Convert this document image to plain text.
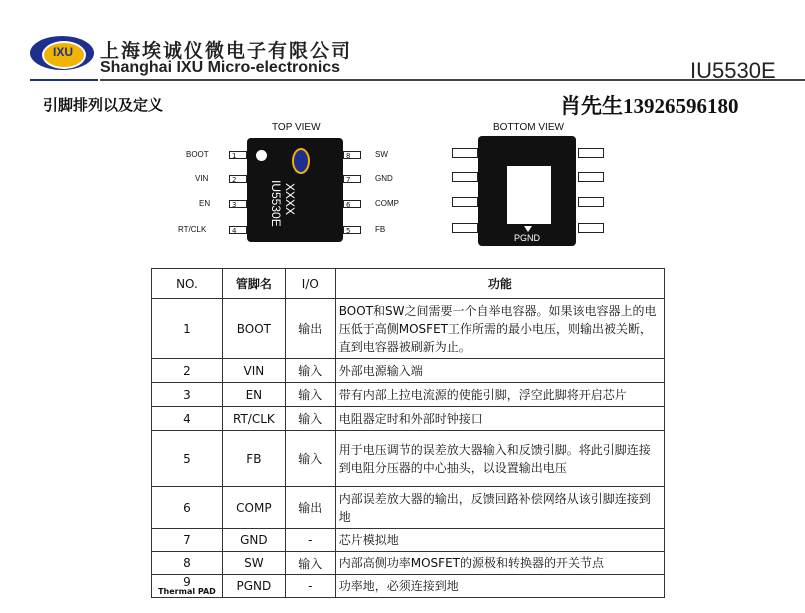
IXU	上海埃诚仪微电子有限公司
Shanghai IXU Micro-electronics	IU5530E
引脚排列以及定义	肖先生13926596180
TOP VIEW
IU5530E XXXX
BOOT	1
VIN	2
EN	3
RT/CLK	4
8	SW
7	GND
6	COMP
5	FB
BOTTOM VIEW
PGND
NO.	管脚名	I/O	功能
1	BOOT	输出	BOOT和SW之间需要一个自举电容器。如果该电容器上的电压低于高侧MOSFET工作所需的最小电压，则输出被关断，直到电容器被刷新为止。
2	VIN	输入	外部电源输入端
3	EN	输入	带有内部上拉电流源的使能引脚，浮空此脚将开启芯片
4	RT/CLK	输入	电阻器定时和外部时钟接口
5	FB	输入	用于电压调节的误差放大器输入和反馈引脚。将此引脚连接到电阻分压器的中心抽头，以设置输出电压
6	COMP	输出	内部误差放大器的输出，反馈回路补偿网络从该引脚连接到地
7	GND	-	芯片模拟地
8	SW	输入	内部高侧功率MOSFET的源极和转换器的开关节点

9
Thermal PAD	PGND	-	功率地，必须连接到地
